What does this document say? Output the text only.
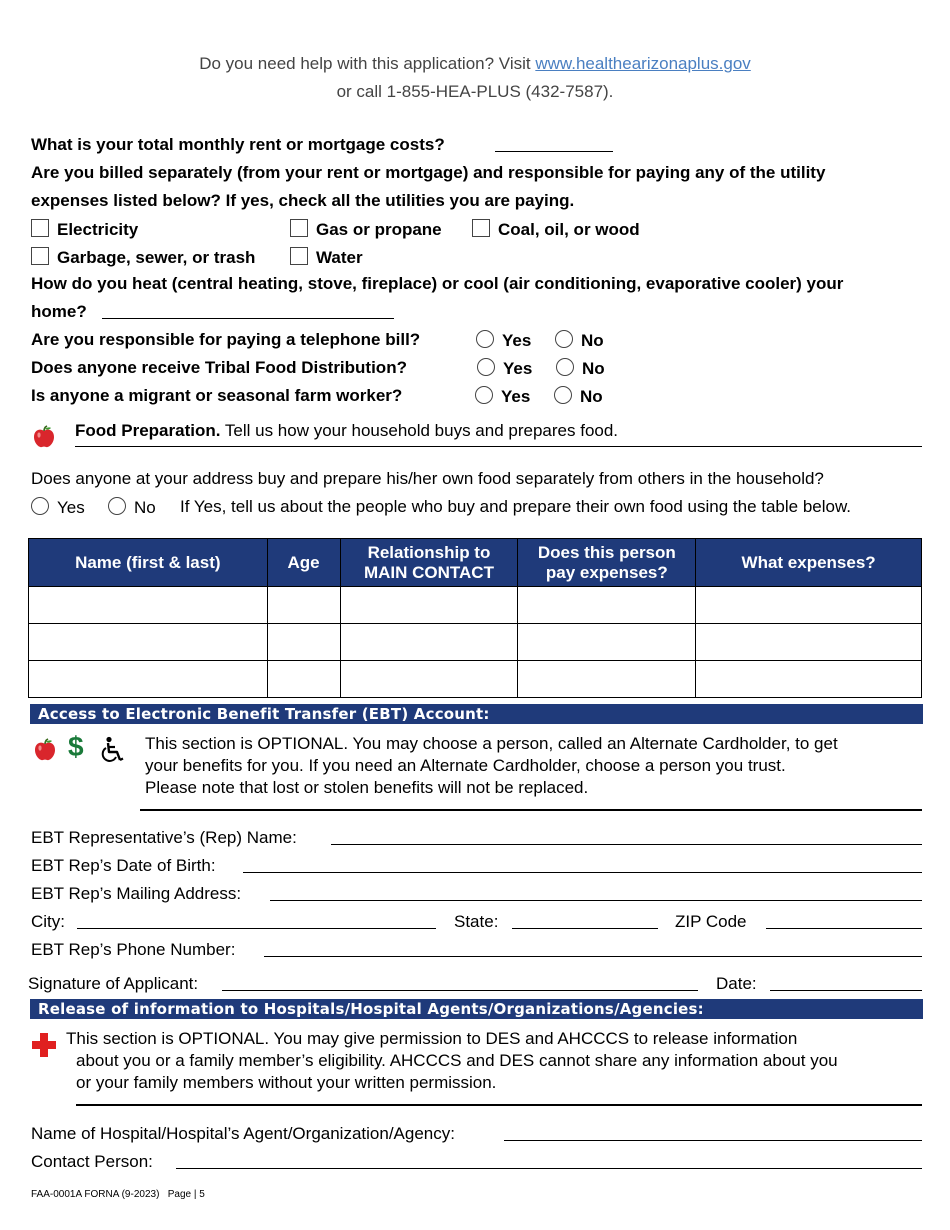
Do you need help with this application? Visit www.healthearizonaplus.gov
or call 1-855-HEA-PLUS (432-7587).
What is your total monthly rent or mortgage costs?
Are you billed separately (from your rent or mortgage) and responsible for paying any of the utility
expenses listed below? If yes, check all the utilities you are paying.
Electricity	Gas or propane	Coal, oil, or wood
Garbage, sewer, or trash	Water
How do you heat (central heating, stove, fireplace) or cool (air conditioning, evaporative cooler) your
home?
Are you responsible for paying a telephone bill?	Yes	No
Does anyone receive Tribal Food Distribution?	Yes	No
Is anyone a migrant or seasonal farm worker?	Yes	No
Food Preparation. Tell us how your household buys and prepares food.
Does anyone at your address buy and prepare his/her own food separately from others in the household?
Yes	No If Yes, tell us about the people who buy and prepare their own food using the table below.
Name (first & last)	Age	Relationship to MAIN CONTACT	Does this person pay expenses?	What expenses?

Access to Electronic Benefit Transfer (EBT) Account:
$	This section is OPTIONAL. You may choose a person, called an Alternate Cardholder, to get
your benefits for you. If you need an Alternate Cardholder, choose a person you trust.
Please note that lost or stolen benefits will not be replaced.
EBT Representative’s (Rep) Name:
EBT Rep’s Date of Birth:
EBT Rep’s Mailing Address:
City:	State:	ZIP Code
EBT Rep’s Phone Number:
Signature of Applicant:	Date:
Release of information to Hospitals/Hospital Agents/Organizations/Agencies:
This section is OPTIONAL. You may give permission to DES and AHCCCS to release information
about you or a family member’s eligibility. AHCCCS and DES cannot share any information about you
or your family members without your written permission.
Name of Hospital/Hospital’s Agent/Organization/Agency:
Contact Person:
FAA-0001A FORNA (9-2023) Page | 5
